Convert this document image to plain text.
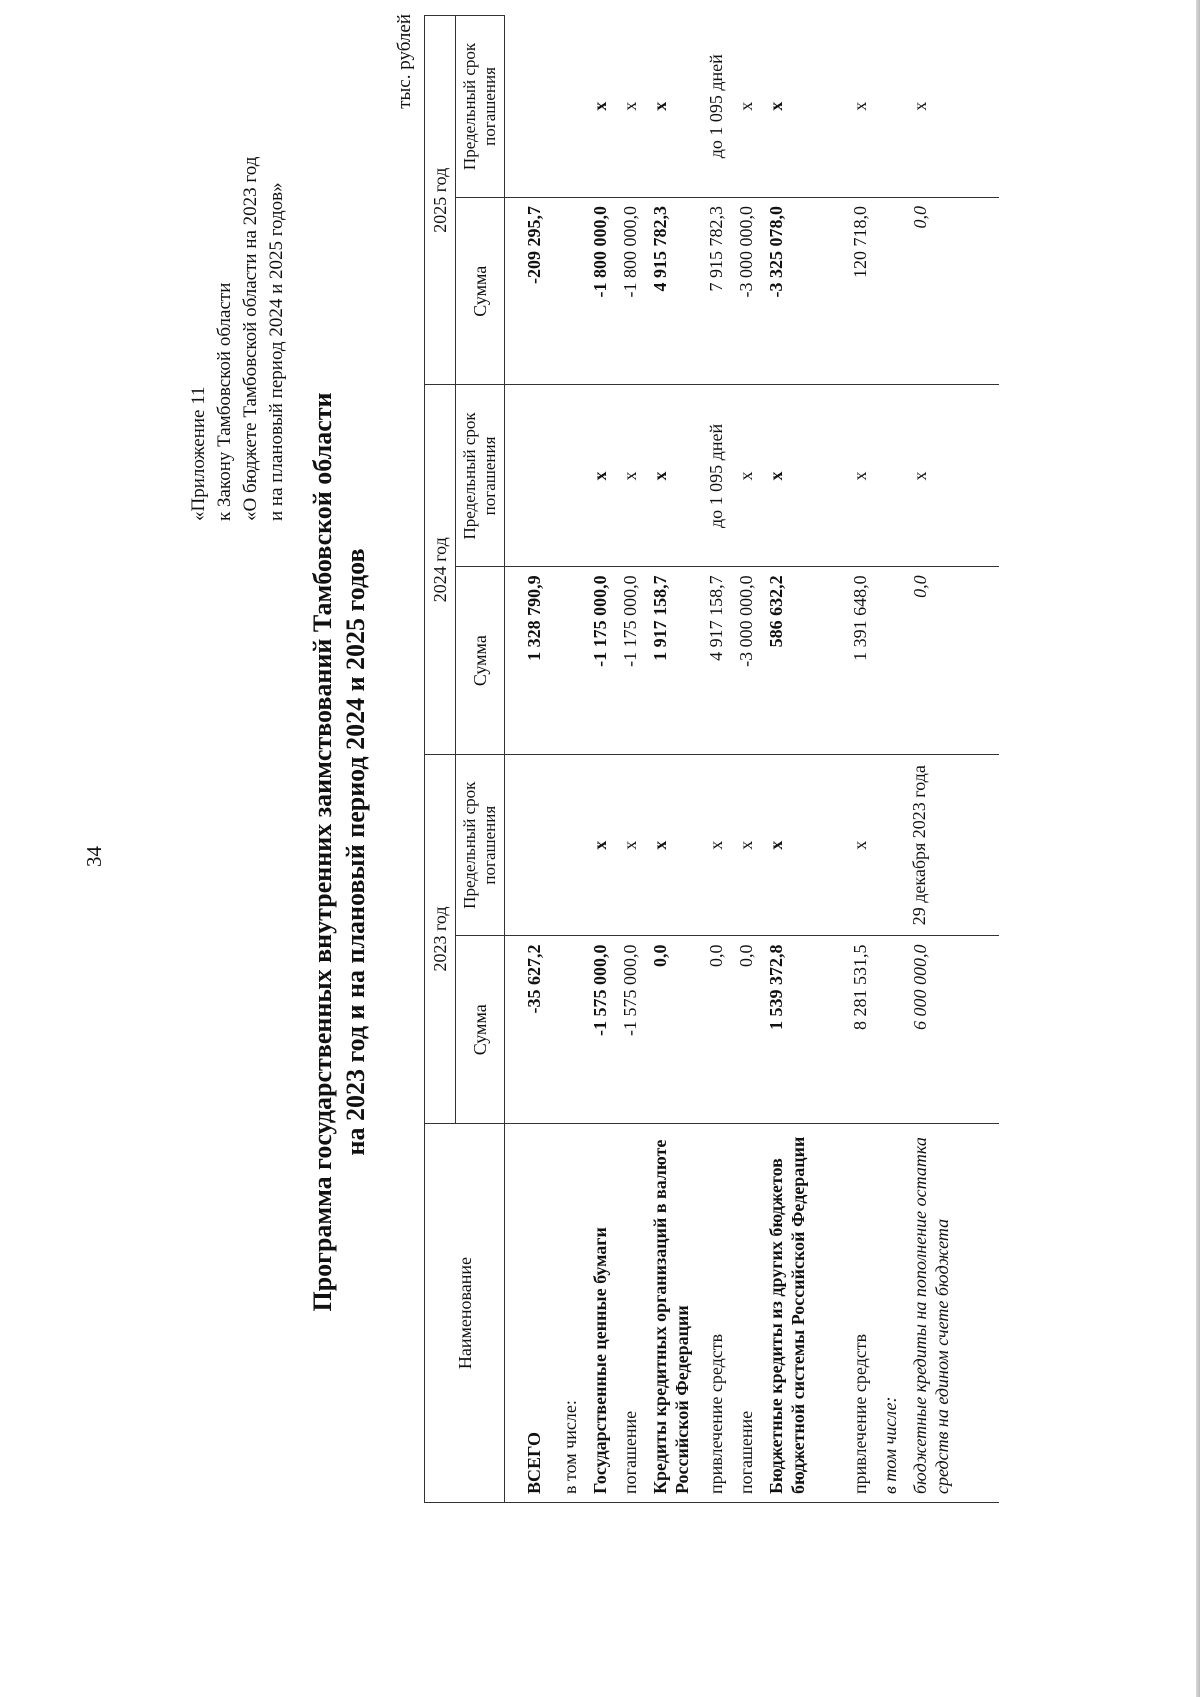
34
«Приложение 11 к Закону Тамбовской области «О бюджете Тамбовской области на 2023 год и на плановый период 2024 и 2025 годов»
Программа государственных внутренних заимствований Тамбовской области на 2023 год и на плановый период 2024 и 2025 годов
тыс. рублей
Наименование	2023 год		2024 год		2025 год	
	Сумма	Предельный срок погашения	Сумма	Предельный срок погашения	Сумма	Предельный срок погашения
ВСЕГО	-35 627,2		1 328 790,9		-209 295,7	
в том числе:						
Государственные ценные бумаги	-1 575 000,0	х	-1 175 000,0	х	-1 800 000,0	х
погашение	-1 575 000,0	х	-1 175 000,0	х	-1 800 000,0	х
Кредиты кредитных организаций в валюте Российской Федерации	0,0	х	1 917 158,7	х	4 915 782,3	х
привлечение средств	0,0	х	4 917 158,7	до 1 095 дней	7 915 782,3	до 1 095 дней
погашение	0,0	х	-3 000 000,0	х	-3 000 000,0	х
Бюджетные кредиты из других бюджетов бюджетной системы Российской Федерации	1 539 372,8	х	586 632,2	х	-3 325 078,0	х
привлечение средств	8 281 531,5	х	1 391 648,0	х	120 718,0	х
в том числе:						
бюджетные кредиты на пополнение остатка средств на едином счете бюджета	6 000 000,0	29 декабря 2023 года	0,0	х	0,0	х
